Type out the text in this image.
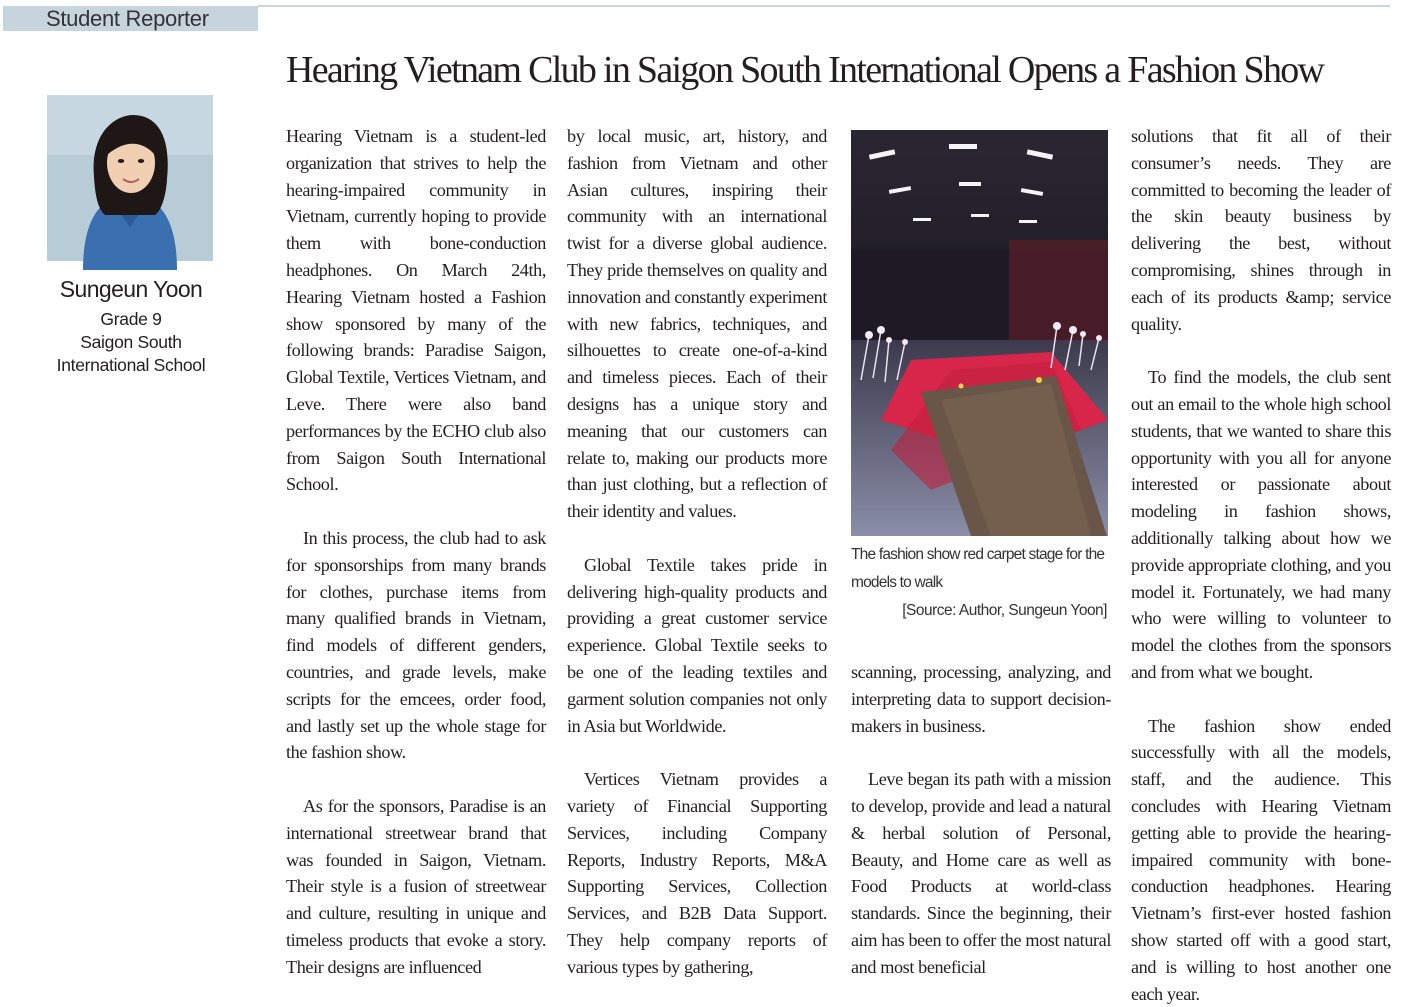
Student Reporter
Hearing Vietnam Club in Saigon South International Opens a Fashion Show
Sungeun Yoon
Grade 9
Saigon South
International School

Hearing Vietnam is a student-led organization that strives to help the hearing-impaired community in Vietnam, currently hoping to provide them with bone-conduction headphones. On March 24th, Hearing Vietnam hosted a Fashion show sponsored by many of the following brands: Paradise Saigon, Global Textile, Vertices Vietnam, and Leve. There were also band performances by the ECHO club also from Saigon South International School.

In this process, the club had to ask for sponsorships from many brands for clothes, purchase items from many qualified brands in Vietnam, find models of different genders, countries, and grade levels, make scripts for the emcees, order food, and lastly set up the whole stage for the fashion show.

As for the sponsors, Paradise is an international streetwear brand that was founded in Saigon, Vietnam. Their style is a fusion of streetwear and culture, resulting in unique and timeless products that evoke a story. Their designs are influenced

by local music, art, history, and fashion from Vietnam and other Asian cultures, inspiring their community with an international twist for a diverse global audience. They pride themselves on quality and innovation and constantly experiment with new fabrics, techniques, and silhouettes to create one-of-a-kind and timeless pieces. Each of their designs has a unique story and meaning that our customers can relate to, making our products more than just clothing, but a reflection of their identity and values.

Global Textile takes pride in delivering high-quality products and providing a great customer service experience. Global Textile seeks to be one of the leading textiles and garment solution companies not only in Asia but Worldwide.

Vertices Vietnam provides a variety of Financial Supporting Services, including Company Reports, Industry Reports, M&A Supporting Services, Collection Services, and B2B Data Support. They help company reports of various types by gathering,

The fashion show red carpet stage for the models to walk
[Source: Author, Sungeun Yoon]

scanning, processing, analyzing, and interpreting data to support decision-makers in business.

Leve began its path with a mission to develop, provide and lead a natural & herbal solution of Personal, Beauty, and Home care as well as Food Products at world-class standards. Since the beginning, their aim has been to offer the most natural and most beneficial

solutions that fit all of their consumer’s needs. They are committed to becoming the leader of the skin beauty business by delivering the best, without compromising, shines through in each of its products &amp; service quality.

To find the models, the club sent out an email to the whole high school students, that we wanted to share this opportunity with you all for anyone interested or passionate about modeling in fashion shows, additionally talking about how we provide appropriate clothing, and you model it. Fortunately, we had many who were willing to volunteer to model the clothes from the sponsors and from what we bought.

The fashion show ended successfully with all the models, staff, and the audience. This concludes with Hearing Vietnam getting able to provide the hearing-impaired community with bone-conduction headphones. Hearing Vietnam’s first-ever hosted fashion show started off with a good start, and is willing to host another one each year.
